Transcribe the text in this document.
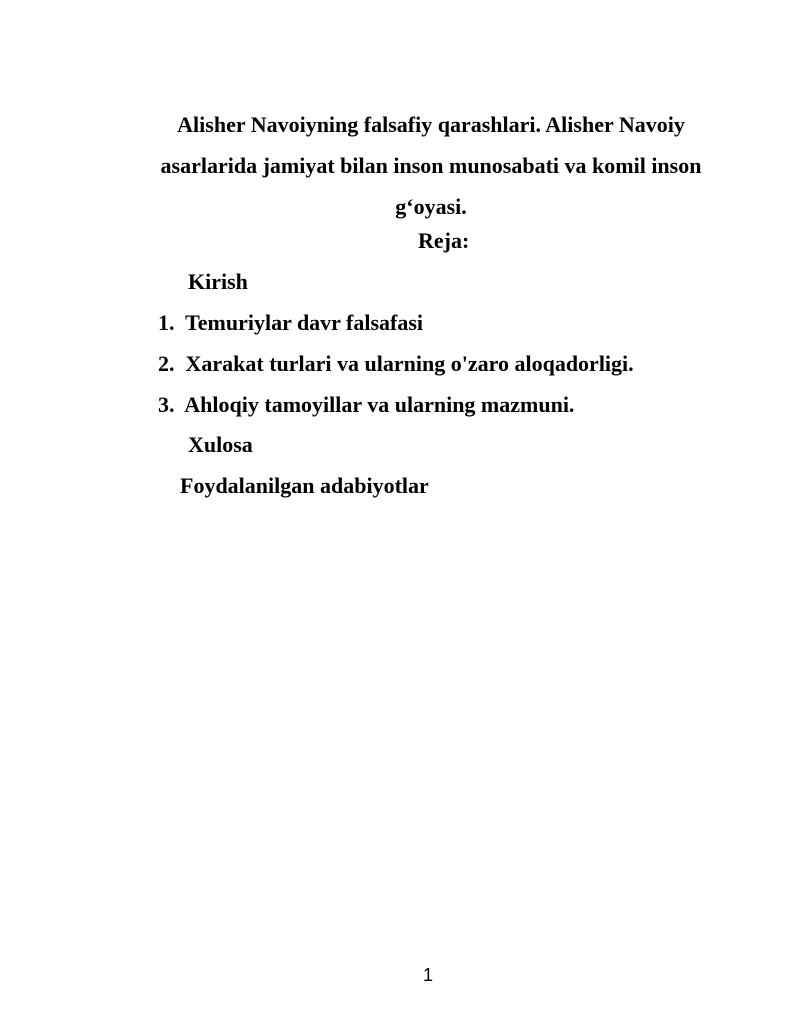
Alisher Navoiyning falsafiy qarashlari. Alisher Navoiy
asarlarida jamiyat bilan inson munosabati va komil inson
g‘oyasi.

Reja:

Kirish

1. Temuriylar davr falsafasi

2. Xarakat turlari va ularning o'zaro aloqadorligi.

3. Ahloqiy tamoyillar va ularning mazmuni.

Xulosa

Foydalanilgan adabiyotlar

1
